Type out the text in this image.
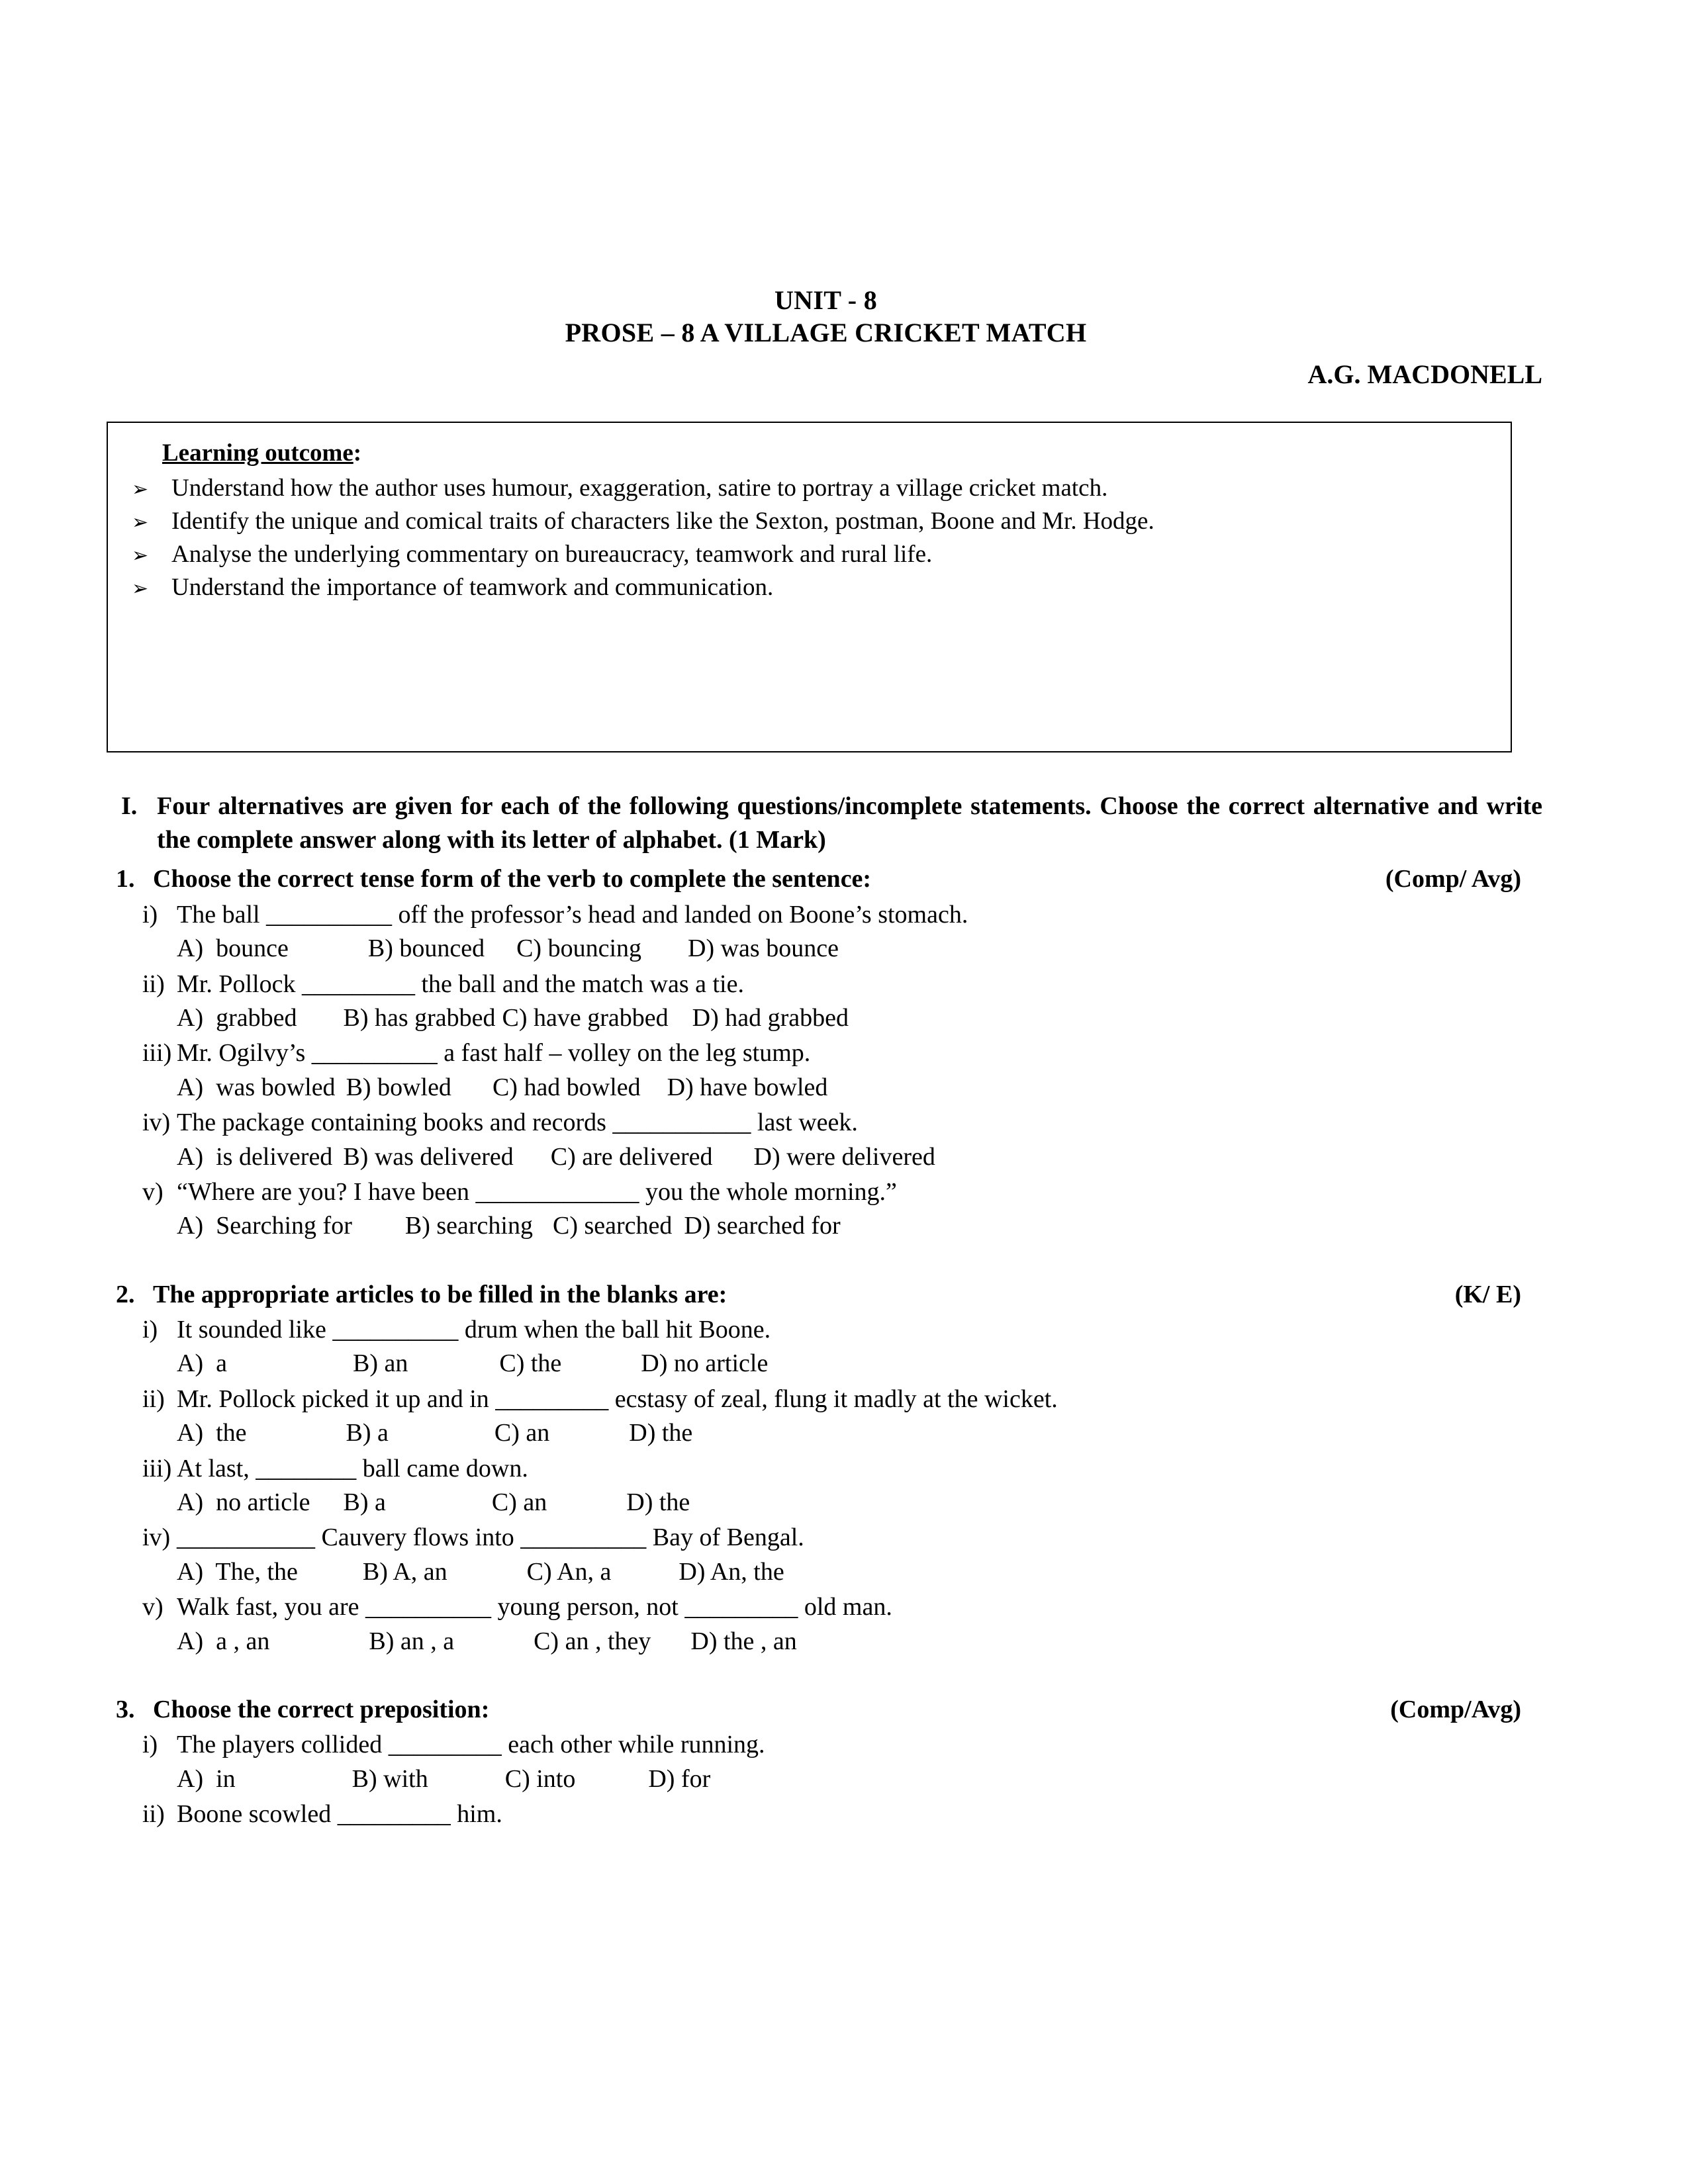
UNIT - 8
PROSE – 8 A VILLAGE CRICKET MATCH
A.G. MACDONELL
Learning outcome:
➢ Understand how the author uses humour, exaggeration, satire to portray a village cricket match.
➢ Identify the unique and comical traits of characters like the Sexton, postman, Boone and Mr. Hodge.
➢ Analyse the underlying commentary on bureaucracy, teamwork and rural life.
➢ Understand the importance of teamwork and communication.
I. Four alternatives are given for each of the following questions/incomplete statements. Choose the correct alternative and write the complete answer along with its letter of alphabet. (1 Mark)
1. Choose the correct tense form of the verb to complete the sentence:	(Comp/ Avg)
i) The ball __________ off the professor’s head and landed on Boone’s stomach.
A)  bounce	B) bounced C) bouncing D) was bounce
ii) Mr. Pollock _________ the ball and the match was a tie.
A)  grabbed B) has grabbed C) have grabbed D) had grabbed
iii) Mr. Ogilvy’s __________ a fast half – volley on the leg stump.
A)  was bowled B) bowled C) had bowled D) have bowled
iv) The package containing books and records ___________ last week.
A)  is delivered B) was delivered C) are delivered D) were delivered
v) “Where are you? I have been _____________ you the whole morning.”
A)  Searching for B) searching C) searched D) searched for
2. The appropriate articles to be filled in the blanks are:	(K/ E)
i) It sounded like __________ drum when the ball hit Boone.
A)  a	B) an	C) the	D) no article
ii) Mr. Pollock picked it up and in _________ ecstasy of zeal, flung it madly at the wicket.
A)  the	B) a	C) an	D) the
iii) At last, ________ ball came down.
A)  no article B) a	C) an	D) the
iv) ___________ Cauvery flows into __________ Bay of Bengal.
A)  The, the	B) A, an	C) An, a	D) An, the
v) Walk fast, you are __________ young person, not _________ old man.
A)  a , an	B) an , a	C) an , they D) the , an
3. Choose the correct preposition:	(Comp/Avg)
i) The players collided _________ each other while running.
A)  in	B) with	C) into	D) for
ii) Boone scowled _________ him.
